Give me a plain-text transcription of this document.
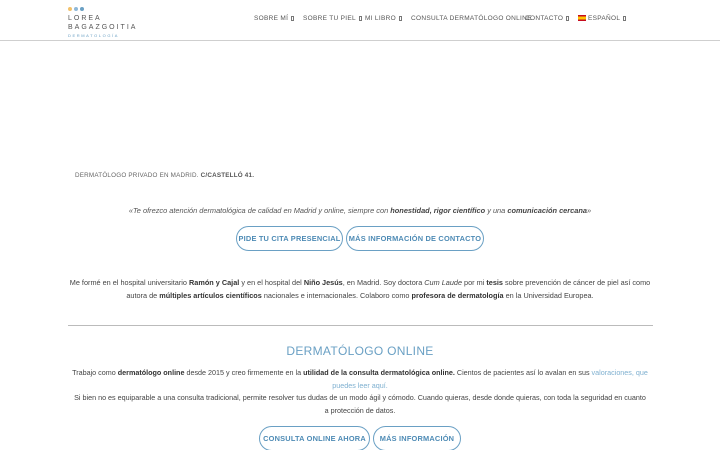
LOREA
BAGAZGOITIA
DERMATOLOGÍA
SOBRE MÍ	SOBRE TU PIEL	MI LIBRO	CONSULTA DERMATÓLOGO ONLINE
CONTACTO	ESPAÑOL
DERMATÓLOGO PRIVADO EN MADRID. C/CASTELLÓ 41.
«Te ofrezco atención dermatológica de calidad en Madrid y online, siempre con honestidad, rigor científico y una comunicación cercana»
PIDE TU CITA PRESENCIAL	MÁS INFORMACIÓN DE CONTACTO
Me formé en el hospital universitario Ramón y Cajal y en el hospital del Niño Jesús, en Madrid. Soy doctora Cum Laude por mi tesis sobre prevención de cáncer de piel así como autora de múltiples artículos científicos nacionales e internacionales. Colaboro como profesora de dermatología en la Universidad Europea.
DERMATÓLOGO ONLINE
Trabajo como dermatólogo online desde 2015 y creo firmemente en la utilidad de la consulta dermatológica online. Cientos de pacientes así lo avalan en sus valoraciones, que puedes leer aquí.
Si bien no es equiparable a una consulta tradicional, permite resolver tus dudas de un modo ágil y cómodo. Cuando quieras, desde donde quieras, con toda la seguridad en cuanto a protección de datos.
CONSULTA ONLINE AHORA	MÁS INFORMACIÓN
